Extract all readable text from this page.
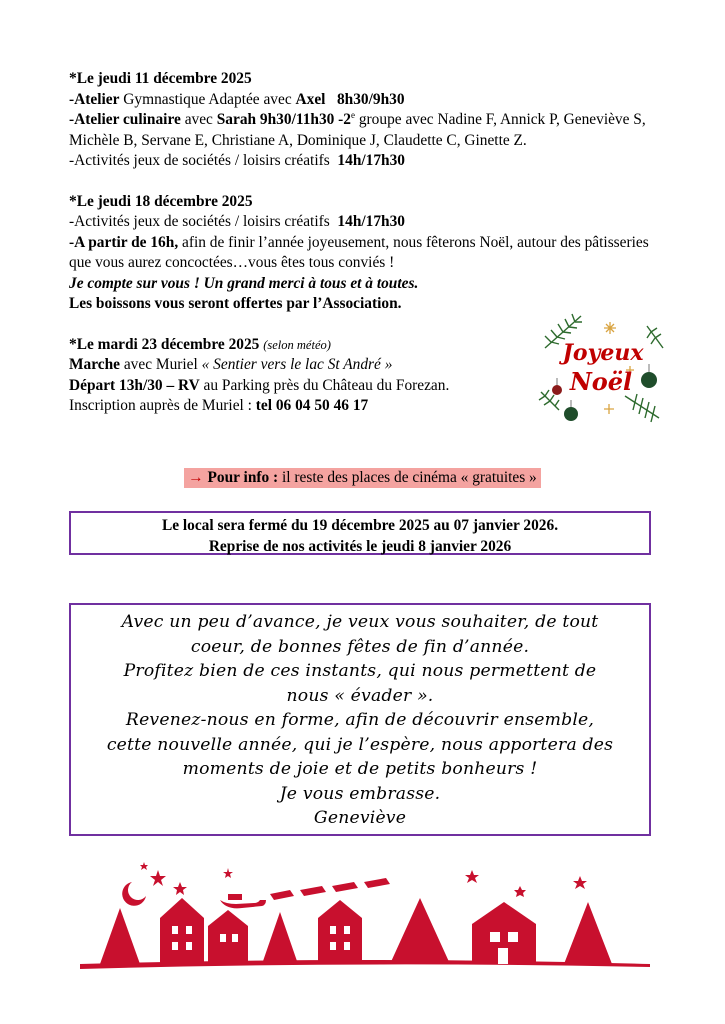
*Le jeudi 11 décembre 2025

-Atelier Gymnastique Adaptée avec Axel 8h30/9h30

-Atelier culinaire avec Sarah 9h30/11h30 -2e groupe avec Nadine F, Annick P, Geneviève S, Michèle B, Servane E, Christiane A, Dominique J, Claudette C, Ginette Z.

-Activités jeux de sociétés / loisirs créatifs 14h/17h30

*Le jeudi 18 décembre 2025

-Activités jeux de sociétés / loisirs créatifs 14h/17h30

-A partir de 16h, afin de finir l’année joyeusement, nous fêterons Noël, autour des pâtisseries que vous aurez concoctées…vous êtes tous conviés !

Je compte sur vous ! Un grand merci à tous et à toutes.

Les boissons vous seront offertes par l’Association.

*Le mardi 23 décembre 2025 (selon météo)

Marche avec Muriel « Sentier vers le lac St André »

Départ 13h/30 – RV au Parking près du Château du Forezan.

Inscription auprès de Muriel : tel 06 04 50 46 17

→ Pour info : il reste des places de cinéma « gratuites »
Le local sera fermé du 19 décembre 2025 au 07 janvier 2026.
Reprise de nos activités le jeudi 8 janvier 2026
Avec un peu d’avance, je veux vous souhaiter, de tout
coeur, de bonnes fêtes de fin d’année.
Profitez bien de ces instants, qui nous permettent de
nous « évader ».
Revenez-nous en forme, afin de découvrir ensemble,
cette nouvelle année, qui je l’espère, nous apportera des
moments de joie et de petits bonheurs !
Je vous embrasse.
Geneviève
Joyeux
Noël
